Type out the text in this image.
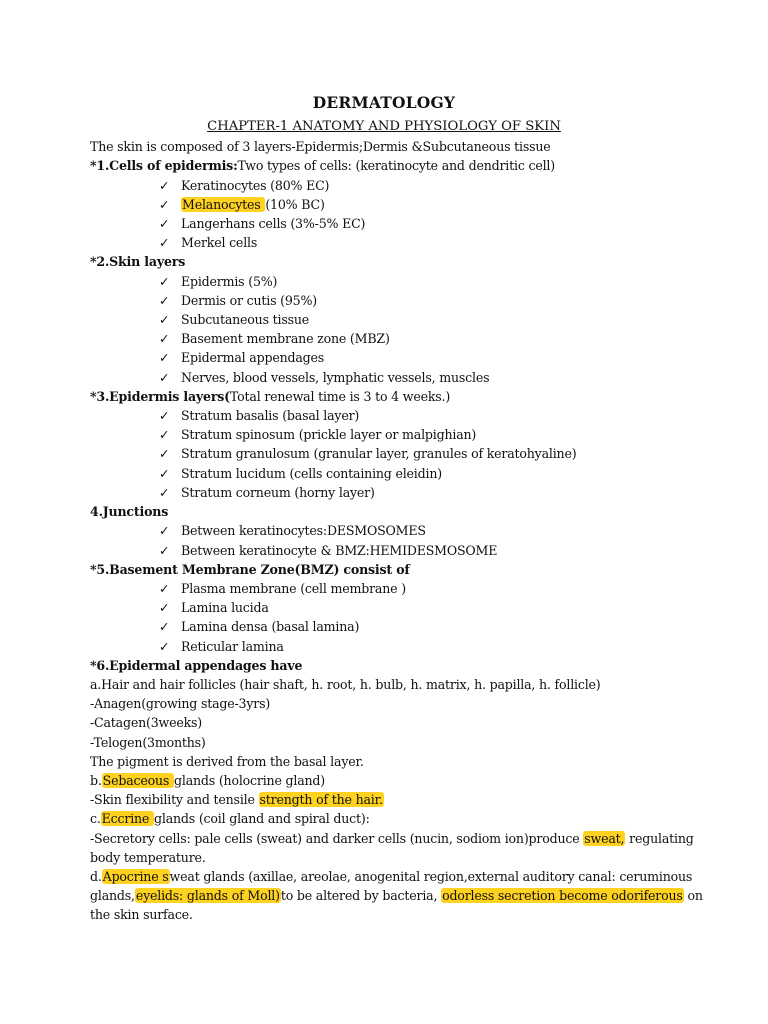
DERMATOLOGY
CHAPTER-1 ANATOMY AND PHYSIOLOGY OF SKIN
The skin is composed of 3 layers-Epidermis;Dermis &Subcutaneous tissue
*1.Cells of epidermis:Two types of cells: (keratinocyte and dendritic cell)
✓ Keratinocytes (80% EC)
✓ Melanocytes (10% BC)
✓ Langerhans cells (3%-5% EC)
✓ Merkel cells
*2.Skin layers
✓ Epidermis (5%)
✓ Dermis or cutis (95%)
✓ Subcutaneous tissue
✓ Basement membrane zone (MBZ)
✓ Epidermal appendages
✓ Nerves, blood vessels, lymphatic vessels, muscles
*3.Epidermis layers(Total renewal time is 3 to 4 weeks.)
✓ Stratum basalis (basal layer)
✓ Stratum spinosum (prickle layer or malpighian)
✓ Stratum granulosum (granular layer, granules of keratohyaline)
✓ Stratum lucidum (cells containing eleidin)
✓ Stratum corneum (horny layer)
4.Junctions
✓ Between keratinocytes:DESMOSOMES
✓ Between keratinocyte & BMZ:HEMIDESMOSOME
*5.Basement Membrane Zone(BMZ) consist of
✓ Plasma membrane (cell membrane )
✓ Lamina lucida
✓ Lamina densa (basal lamina)
✓ Reticular lamina
*6.Epidermal appendages have
a.Hair and hair follicles (hair shaft, h. root, h. bulb, h. matrix, h. papilla, h. follicle)
-Anagen(growing stage-3yrs)
-Catagen(3weeks)
-Telogen(3months)
The pigment is derived from the basal layer.
b.Sebaceous glands (holocrine gland)
-Skin flexibility and tensile strength of the hair.
c.Eccrine glands (coil gland and spiral duct):
-Secretory cells: pale cells (sweat) and darker cells (nucin, sodiom ion)produce sweat, regulating
body temperature.
d.Apocrine sweat glands (axillae, areolae, anogenital region,external auditory canal: ceruminous
glands,eyelids: glands of Moll)to be altered by bacteria, odorless secretion become odoriferous on
the skin surface.
